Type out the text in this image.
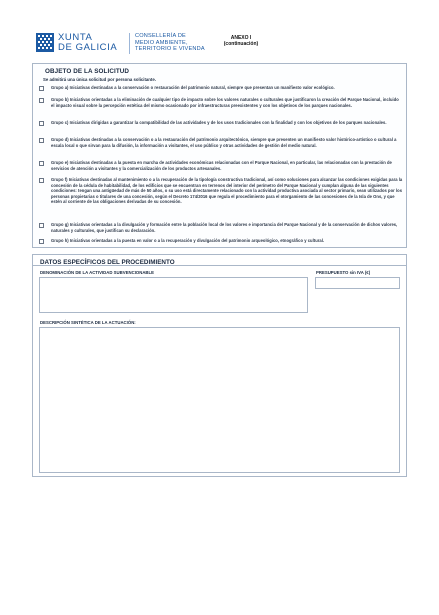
XUNTA
DE GALICIA
CONSELLERÍA DE
MEDIO AMBIENTE,
TERRITORIO E VIVENDA
ANEXO I
(continuación)
OBJETO DE LA SOLICITUD
Se admitirá una única solicitud por persona solicitante.
Grupo a) Iniciativas destinadas a la conservación o restauración del patrimonio natural, siempre que presentan un manifiesto valor ecológico.
Grupo b) Iniciativas orientadas a la eliminación de cualquier tipo de impacto sobre los valores naturales o culturales que justificaron la creación del Parque Nacional, incluido el impacto visual sobre la percepción estética del mismo ocasionado por infraestructuras preexistentes y con los objetivos de los parques nacionales.
Grupo c) Iniciativas dirigidas a garantizar la compatibilidad de las actividades y de los usos tradicionales con la finalidad y con los objetivos de los parques nacionales.
Grupo d) Iniciativas destinadas a la conservación o a la restauración del patrimonio arquitectónico, siempre que presenten un manifiesto valor histórico-artístico o cultural a escala local o que sirvan para la difusión, la información a visitantes, el uso público y otras actividades de gestión del medio natural.
Grupo e) Iniciativas destinadas a la puesta en marcha de actividades económicas relacionadas con el Parque Nacional, en particular, las relacionadas con la prestación de servicios de atención a visitantes y la comercialización de los productos artesanales.
Grupo f) Iniciativas destinadas al mantenimiento o a la recuperación de la tipología constructiva tradicional, así como soluciones para alcanzar las condiciones exigidas para la concesión de la cédula de habitabilidad, de los edificios que se encuentran en terrenos del interior del perímetro del Parque Nacional y cumplan alguna de las siguientes condiciones: tengan una antigüedad de más de 50 años, o su uso está directamente relacionado con la actividad productiva asociada al sector primario, sean utilizados por los personas propietarias o titulares de una concesión, según el Decreto 174/2016 que regula el procedimiento para el otorgamiento de las concesiones de la Isla de Ons, y que estén al corriente de las obligaciones derivadas de su concesión.
Grupo g) Iniciativas orientadas a la divulgación y formación entre la población local de los valores e importancia del Parque Nacional y de la conservación de dichos valores, naturales y culturales, que justifican su declaración.
Grupo h) Iniciativas orientadas a la puesta en valor o a la recuperación y divulgación del patrimonio arqueológico, etnográfico y cultural.
DATOS ESPECÍFICOS DEL PROCEDIMIENTO
DENOMINACIÓN DE LA ACTIVIDAD SUBVENCIONABLE	PRESUPUESTO sin IVA (€)
DESCRIPCIÓN SINTÉTICA DE LA ACTUACIÓN:
